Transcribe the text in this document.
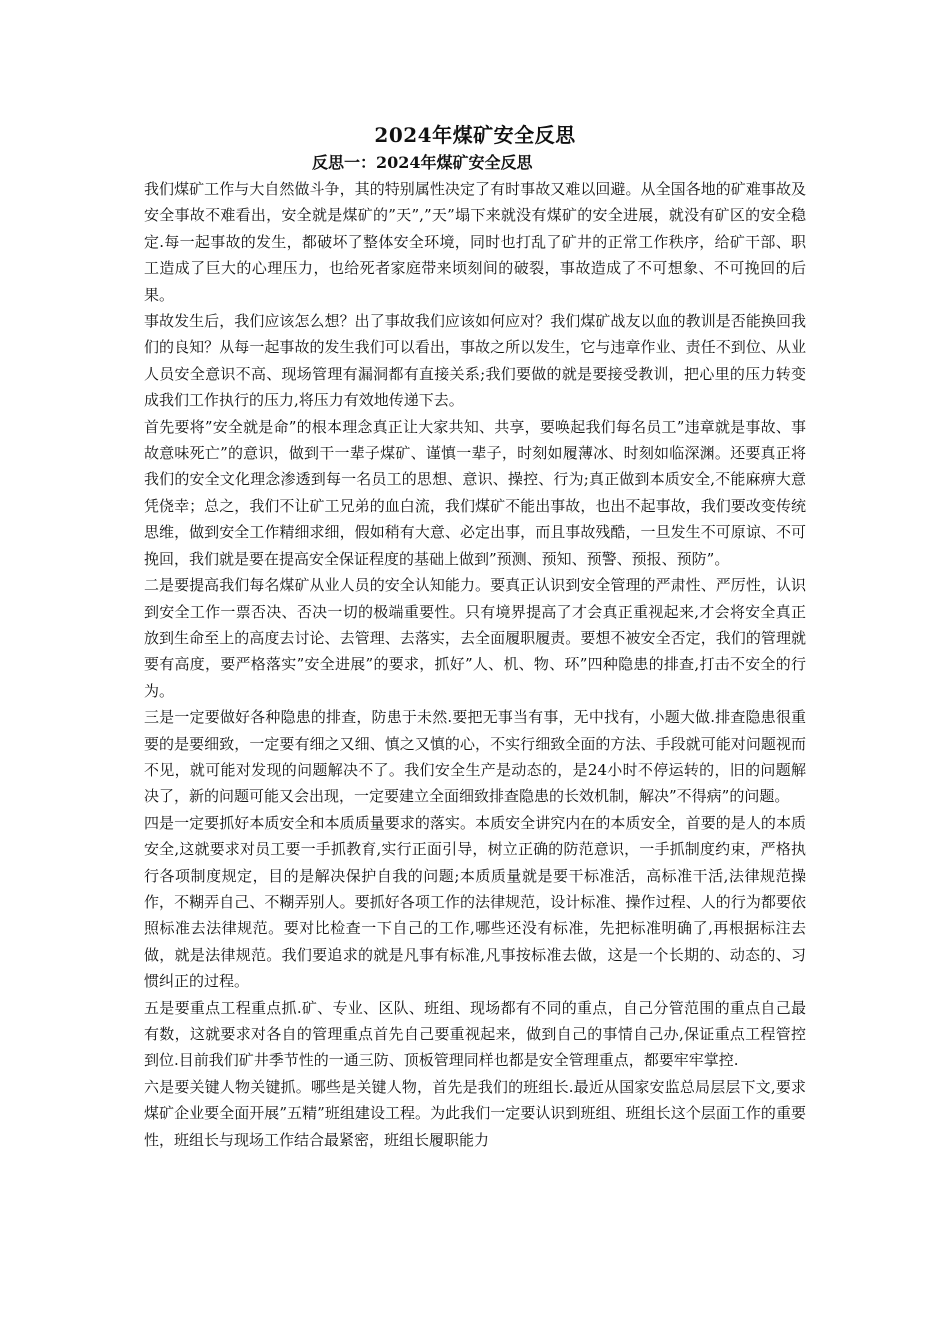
2024年煤矿安全反思
反思一：2024年煤矿安全反思

我们煤矿工作与大自然做斗争，其的特别属性决定了有时事故又难以回避。从全国各地的矿难事故及安全事故不难看出，安全就是煤矿的”天”,”天”塌下来就没有煤矿的安全进展，就没有矿区的安全稳定.每一起事故的发生，都破坏了整体安全环境，同时也打乱了矿井的正常工作秩序，给矿干部、职工造成了巨大的心理压力，也给死者家庭带来顷刻间的破裂，事故造成了不可想象、不可挽回的后果。

事故发生后，我们应该怎么想？出了事故我们应该如何应对？我们煤矿战友以血的教训是否能换回我们的良知？从每一起事故的发生我们可以看出，事故之所以发生，它与违章作业、责任不到位、从业人员安全意识不高、现场管理有漏洞都有直接关系;我们要做的就是要接受教训，把心里的压力转变成我们工作执行的压力,将压力有效地传递下去。

首先要将”安全就是命”的根本理念真正让大家共知、共享，要唤起我们每名员工”违章就是事故、事故意味死亡”的意识，做到干一辈子煤矿、谨慎一辈子，时刻如履薄冰、时刻如临深渊。还要真正将我们的安全文化理念渗透到每一名员工的思想、意识、操控、行为;真正做到本质安全,不能麻痹大意凭侥幸；总之，我们不让矿工兄弟的血白流，我们煤矿不能出事故，也出不起事故，我们要改变传统思维，做到安全工作精细求细，假如稍有大意、必定出事，而且事故残酷，一旦发生不可原谅、不可挽回，我们就是要在提高安全保证程度的基础上做到”预测、预知、预警、预报、预防”。

二是要提高我们每名煤矿从业人员的安全认知能力。要真正认识到安全管理的严肃性、严厉性，认识到安全工作一票否决、否决一切的极端重要性。只有境界提高了才会真正重视起来,才会将安全真正放到生命至上的高度去讨论、去管理、去落实，去全面履职履责。要想不被安全否定，我们的管理就要有高度，要严格落实”安全进展”的要求，抓好”人、机、物、环”四种隐患的排查,打击不安全的行为。

三是一定要做好各种隐患的排查，防患于未然.要把无事当有事，无中找有，小题大做.排查隐患很重要的是要细致，一定要有细之又细、慎之又慎的心，不实行细致全面的方法、手段就可能对问题视而不见，就可能对发现的问题解决不了。我们安全生产是动态的，是24小时不停运转的，旧的问题解决了，新的问题可能又会出现，一定要建立全面细致排查隐患的长效机制，解决”不得病”的问题。

四是一定要抓好本质安全和本质质量要求的落实。本质安全讲究内在的本质安全，首要的是人的本质安全,这就要求对员工要一手抓教育,实行正面引导，树立正确的防范意识，一手抓制度约束，严格执行各项制度规定，目的是解决保护自我的问题;本质质量就是要干标准活，高标准干活,法律规范操作，不糊弄自己、不糊弄别人。要抓好各项工作的法律规范，设计标准、操作过程、人的行为都要依照标准去法律规范。要对比检查一下自己的工作,哪些还没有标准，先把标准明确了,再根据标注去做，就是法律规范。我们要追求的就是凡事有标准,凡事按标准去做，这是一个长期的、动态的、习惯纠正的过程。

五是要重点工程重点抓.矿、专业、区队、班组、现场都有不同的重点，自己分管范围的重点自己最有数，这就要求对各自的管理重点首先自己要重视起来，做到自己的事情自己办,保证重点工程管控到位.目前我们矿井季节性的一通三防、顶板管理同样也都是安全管理重点，都要牢牢掌控.

六是要关键人物关键抓。哪些是关键人物，首先是我们的班组长.最近从国家安监总局层层下文,要求煤矿企业要全面开展”五精”班组建设工程。为此我们一定要认识到班组、班组长这个层面工作的重要性，班组长与现场工作结合最紧密，班组长履职能力
